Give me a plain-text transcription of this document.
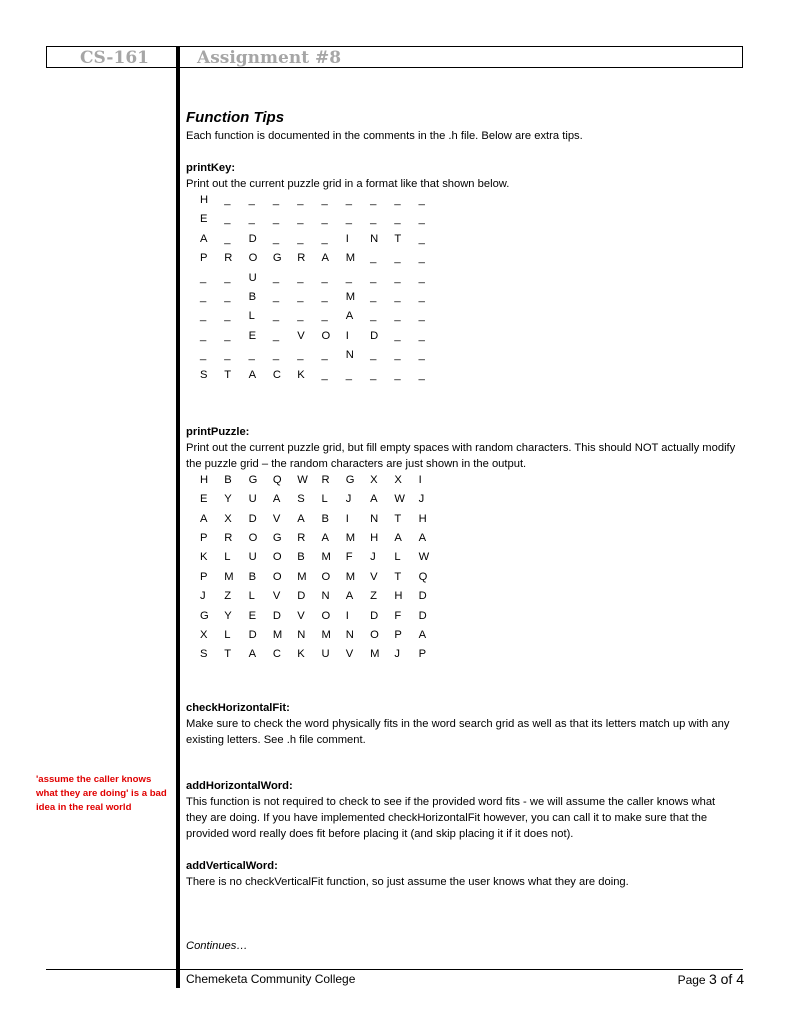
CS-161	Assignment #8

Function Tips

Each function is documented in the comments in the .h file. Below are extra tips.

printKey:

Print out the current puzzle grid in a format like that shown below.

H	_	_	_	_	_	_	_	_	_
E	_	_	_	_	_	_	_	_	_
A	_	D	_	_	_	I	N	T	_
P	R	O	G	R	A	M	_	_	_
_	_	U	_	_	_	_	_	_	_
_	_	B	_	_	_	M	_	_	_
_	_	L	_	_	_	A	_	_	_
_	_	E	_	V	O	I	D	_	_
_	_	_	_	_	_	N	_	_	_
S	T	A	C	K	_	_	_	_	_

printPuzzle:

Print out the current puzzle grid, but fill empty spaces with random characters. This should NOT actually modify the puzzle grid – the random characters are just shown in the output.

H	B	G	Q	W	R	G	X	X	I
E	Y	U	A	S	L	J	A	W	J
A	X	D	V	A	B	I	N	T	H
P	R	O	G	R	A	M	H	A	A
K	L	U	O	B	M	F	J	L	W
P	M	B	O	M	O	M	V	T	Q
J	Z	L	V	D	N	A	Z	H	D
G	Y	E	D	V	O	I	D	F	D
X	L	D	M	N	M	N	O	P	A
S	T	A	C	K	U	V	M	J	P

checkHorizontalFit:

Make sure to check the word physically fits in the word search grid as well as that its letters match up with any existing letters. See .h file comment.

addHorizontalWord:

This function is not required to check to see if the provided word fits - we will assume the caller knows what they are doing. If you have implemented checkHorizontalFit however, you can call it to make sure that the provided word really does fit before placing it (and skip placing it if it does not).

addVerticalWord:

There is no checkVerticalFit function, so just assume the user knows what they are doing.

Continues…

'assume the caller knows what they are doing' is a bad idea in the real world
Chemeketa Community College	Page 3 of 4
